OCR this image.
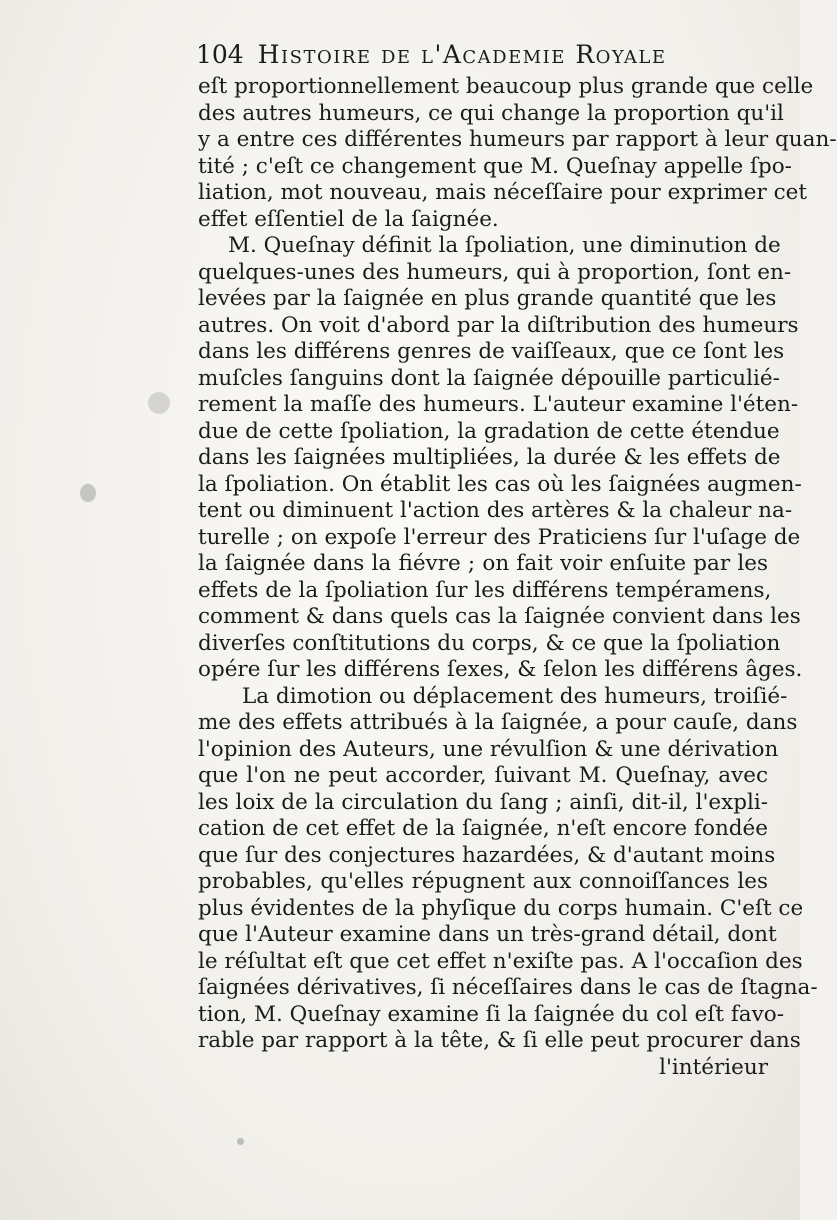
104 Histoire de l'Academie Royale
eſt proportionnellement beaucoup plus grande que celle
des autres humeurs, ce qui change la proportion qu'il
y a entre ces différentes humeurs par rapport à leur quan-
tité ; c'eſt ce changement que M. Queſnay appelle ſpo-
liation, mot nouveau, mais néceſſaire pour exprimer cet
effet eſſentiel de la ſaignée.
M. Queſnay définit la ſpoliation, une diminution de
quelques-unes des humeurs, qui à proportion, ſont en-
levées par la ſaignée en plus grande quantité que les
autres. On voit d'abord par la diſtribution des humeurs
dans les différens genres de vaiſſeaux, que ce ſont les
muſcles ſanguins dont la ſaignée dépouille particulié-
rement la maſſe des humeurs. L'auteur examine l'éten-
due de cette ſpoliation, la gradation de cette étendue
dans les ſaignées multipliées, la durée & les effets de
la ſpoliation. On établit les cas où les ſaignées augmen-
tent ou diminuent l'action des artères & la chaleur na-
turelle ; on expoſe l'erreur des Praticiens ſur l'uſage de
la ſaignée dans la fiévre ; on fait voir enſuite par les
effets de la ſpoliation ſur les différens tempéramens,
comment & dans quels cas la ſaignée convient dans les
diverſes conſtitutions du corps, & ce que la ſpoliation
opére ſur les différens ſexes, & ſelon les différens âges.
La dimotion ou déplacement des humeurs, troiſié-
me des effets attribués à la ſaignée, a pour cauſe, dans
l'opinion des Auteurs, une révulſion & une dérivation
que l'on ne peut accorder, ſuivant M. Queſnay, avec
les loix de la circulation du ſang ; ainſi, dit-il, l'expli-
cation de cet effet de la ſaignée, n'eſt encore fondée
que ſur des conjectures hazardées, & d'autant moins
probables, qu'elles répugnent aux connoiſſances les
plus évidentes de la phyſique du corps humain. C'eſt ce
que l'Auteur examine dans un très-grand détail, dont
le réſultat eſt que cet effet n'exiſte pas. A l'occaſion des
ſaignées dérivatives, ſi néceſſaires dans le cas de ſtagna-
tion, M. Queſnay examine ſi la ſaignée du col eſt favo-
rable par rapport à la tête, & ſi elle peut procurer dans
l'intérieur
